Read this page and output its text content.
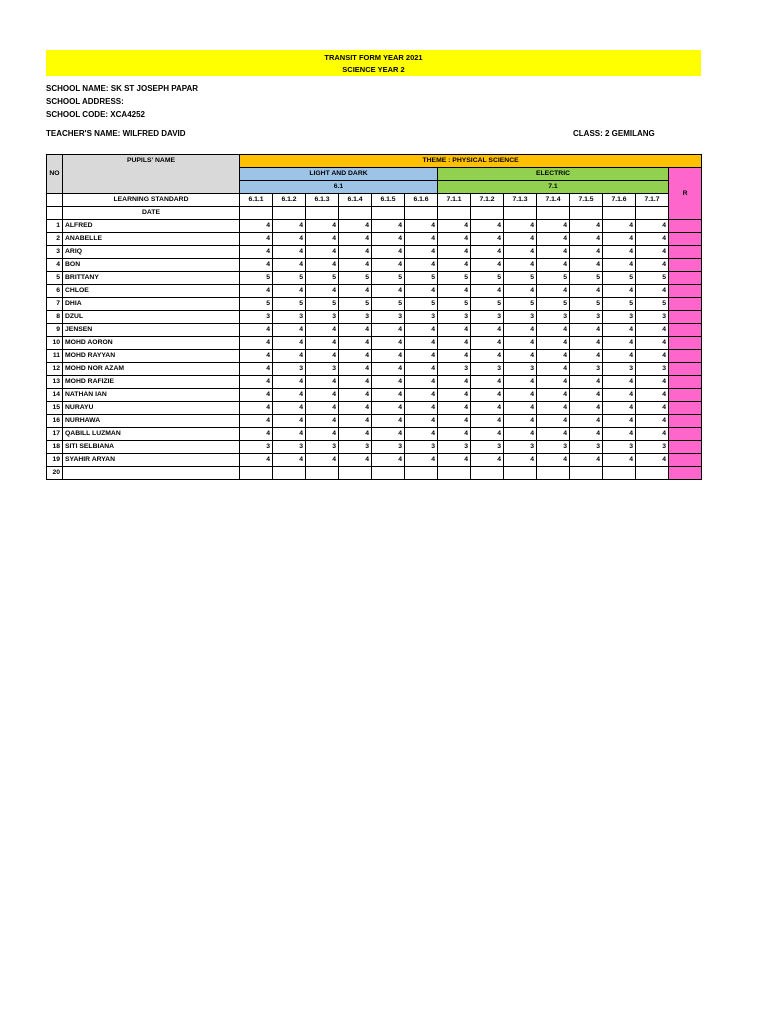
TRANSIT FORM YEAR 2021
SCIENCE YEAR 2
SCHOOL NAME: SK ST JOSEPH PAPAR
SCHOOL ADDRESS:
SCHOOL CODE: XCA4252
TEACHER'S NAME: WILFRED DAVID	CLASS: 2 GEMILANG
NO	PUPILS' NAME	THEME : PHYSICAL SCIENCE													
		LIGHT AND DARK						ELECTRIC							R
		6.1						7.1							
	LEARNING STANDARD	6.1.1	6.1.2	6.1.3	6.1.4	6.1.5	6.1.6	7.1.1	7.1.2	7.1.3	7.1.4	7.1.5	7.1.6	7.1.7	
	DATE														
1	ALFRED	4	4	4	4	4	4	4	4	4	4	4	4	4	
2	ANABELLE	4	4	4	4	4	4	4	4	4	4	4	4	4	
3	ARIQ	4	4	4	4	4	4	4	4	4	4	4	4	4	
4	BON	4	4	4	4	4	4	4	4	4	4	4	4	4	
5	BRITTANY	5	5	5	5	5	5	5	5	5	5	5	5	5	
6	CHLOE	4	4	4	4	4	4	4	4	4	4	4	4	4	
7	DHIA	5	5	5	5	5	5	5	5	5	5	5	5	5	
8	DZUL	3	3	3	3	3	3	3	3	3	3	3	3	3	
9	JENSEN	4	4	4	4	4	4	4	4	4	4	4	4	4	
10	MOHD AORON	4	4	4	4	4	4	4	4	4	4	4	4	4	
11	MOHD RAYYAN	4	4	4	4	4	4	4	4	4	4	4	4	4	
12	MOHD NOR AZAM	4	3	3	4	4	4	3	3	3	4	3	3	3	
13	MOHD RAFIZIE	4	4	4	4	4	4	4	4	4	4	4	4	4	
14	NATHAN IAN	4	4	4	4	4	4	4	4	4	4	4	4	4	
15	NURAYU	4	4	4	4	4	4	4	4	4	4	4	4	4	
16	NURHAWA	4	4	4	4	4	4	4	4	4	4	4	4	4	
17	QABILL LUZMAN	4	4	4	4	4	4	4	4	4	4	4	4	4	
18	SITI SELBIANA	3	3	3	3	3	3	3	3	3	3	3	3	3	
19	SYAHIR ARYAN	4	4	4	4	4	4	4	4	4	4	4	4	4	
20															
